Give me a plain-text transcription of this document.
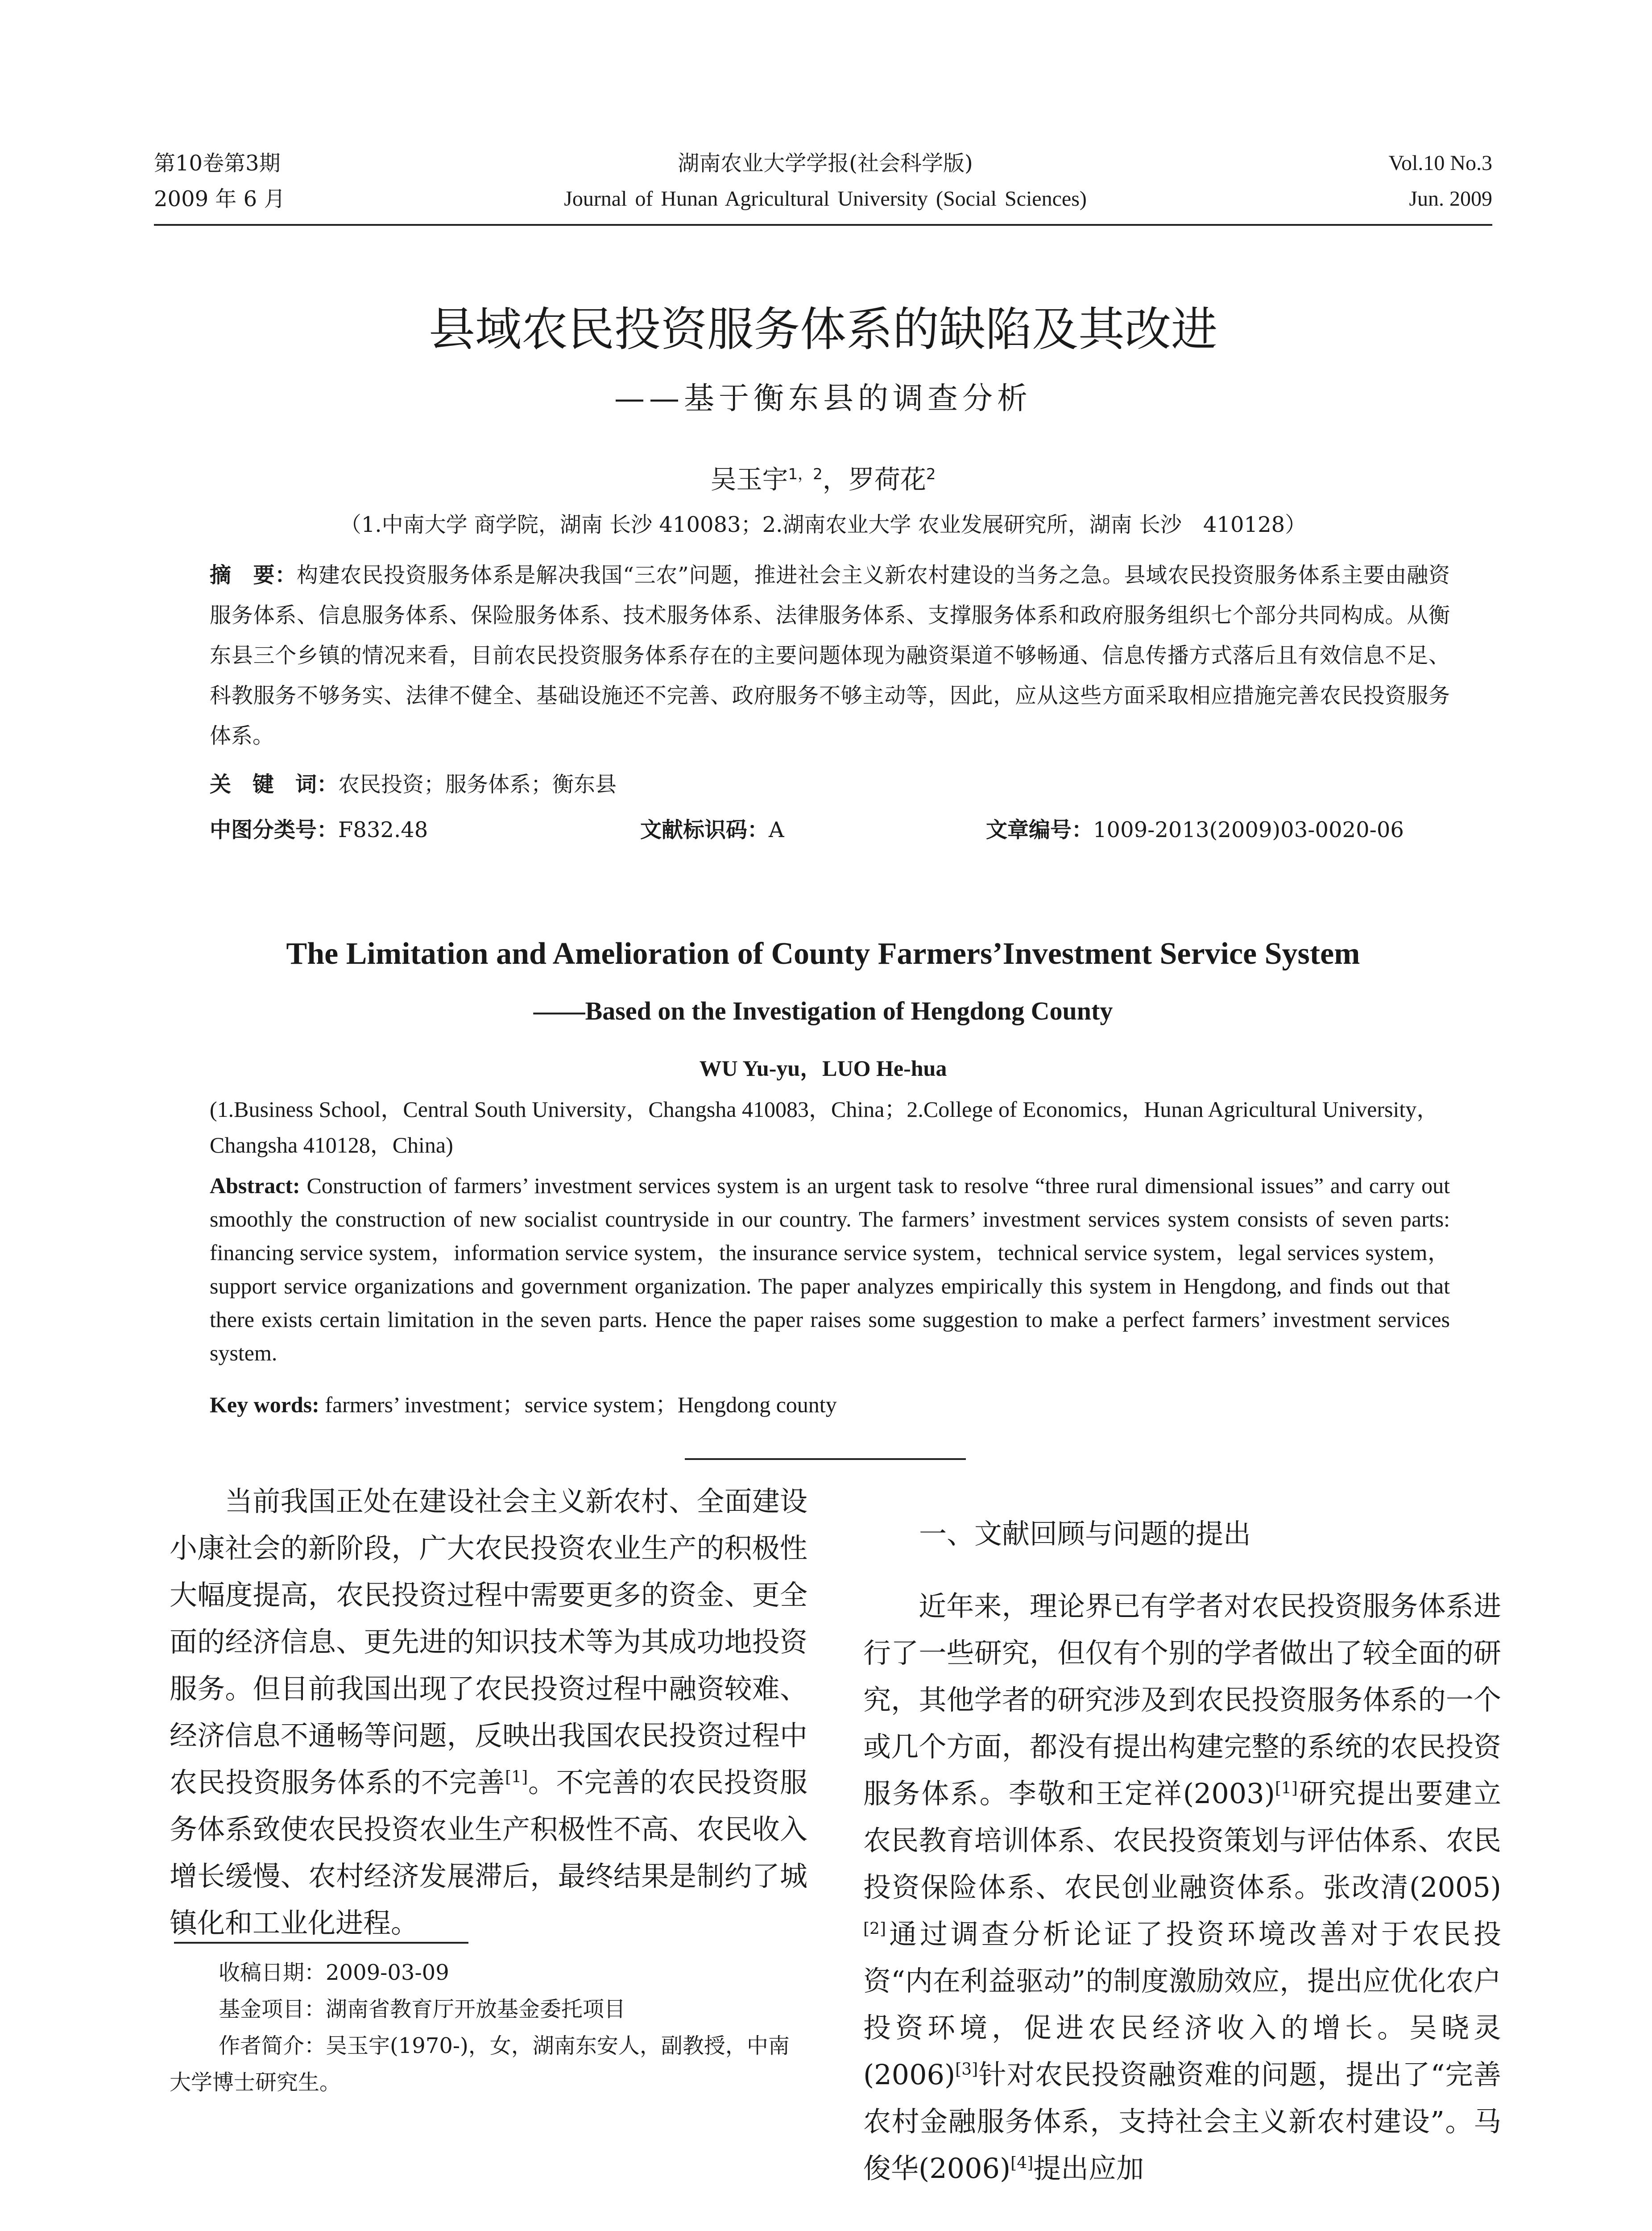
第10卷第3期
2009 年 6 月
湖南农业大学学报(社会科学版)
Journal of Hunan Agricultural University (Social Sciences)
Vol.10 No.3
Jun. 2009
县域农民投资服务体系的缺陷及其改进
——基于衡东县的调查分析
吴玉宇$^{1,2}$，罗荷花$^2$
（1.中南大学 商学院，湖南 长沙 410083；2.湖南农业大学 农业发展研究所，湖南 长沙　410128）
摘　要：构建农民投资服务体系是解决我国“三农”问题，推进社会主义新农村建设的当务之急。县域农民投资服务体系主要由融资服务体系、信息服务体系、保险服务体系、技术服务体系、法律服务体系、支撑服务体系和政府服务组织七个部分共同构成。从衡东县三个乡镇的情况来看，目前农民投资服务体系存在的主要问题体现为融资渠道不够畅通、信息传播方式落后且有效信息不足、科教服务不够务实、法律不健全、基础设施还不完善、政府服务不够主动等，因此，应从这些方面采取相应措施完善农民投资服务体系。
关　键　词：农民投资；服务体系；衡东县
中图分类号：F832.48	文献标识码：A	文章编号：1009-2013(2009)03-0020-06
The Limitation and Amelioration of County Farmers’Investment Service System
——Based on the Investigation of Hengdong County
WU Yu-yu，LUO He-hua
(1.Business School，Central South University，Changsha 410083，China；2.College of Economics，Hunan Agricultural University，Changsha 410128，China)
Abstract: Construction of farmers’ investment services system is an urgent task to resolve “three rural dimensional issues” and carry out smoothly the construction of new socialist countryside in our country. The farmers’ investment services system consists of seven parts: financing service system，information service system，the insurance service system，technical service system，legal services system，support service organizations and government organization. The paper analyzes empirically this system in Hengdong, and finds out that there exists certain limitation in the seven parts. Hence the paper raises some suggestion to make a perfect farmers’ investment services system.
Key words: farmers’ investment；service system；Hengdong county

当前我国正处在建设社会主义新农村、全面建设小康社会的新阶段，广大农民投资农业生产的积极性大幅度提高，农民投资过程中需要更多的资金、更全面的经济信息、更先进的知识技术等为其成功地投资服务。但目前我国出现了农民投资过程中融资较难、经济信息不通畅等问题，反映出我国农民投资过程中农民投资服务体系的不完善[1]。不完善的农民投资服务体系致使农民投资农业生产积极性不高、农民收入增长缓慢、农村经济发展滞后，最终结果是制约了城镇化和工业化进程。

收稿日期：2009-03-09

基金项目：湖南省教育厅开放基金委托项目

作者简介：吴玉宇(1970-)，女，湖南东安人，副教授，中南大学博士研究生。

一、文献回顾与问题的提出

近年来，理论界已有学者对农民投资服务体系进行了一些研究，但仅有个别的学者做出了较全面的研究，其他学者的研究涉及到农民投资服务体系的一个或几个方面，都没有提出构建完整的系统的农民投资服务体系。李敬和王定祥(2003)[1]研究提出要建立农民教育培训体系、农民投资策划与评估体系、农民投资保险体系、农民创业融资体系。张改清(2005)[2]通过调查分析论证了投资环境改善对于农民投资“内在利益驱动”的制度激励效应，提出应优化农户投资环境，促进农民经济收入的增长。吴晓灵(2006)[3]针对农民投资融资难的问题，提出了“完善农村金融服务体系，支持社会主义新农村建设”。马俊华(2006)[4]提出应加
